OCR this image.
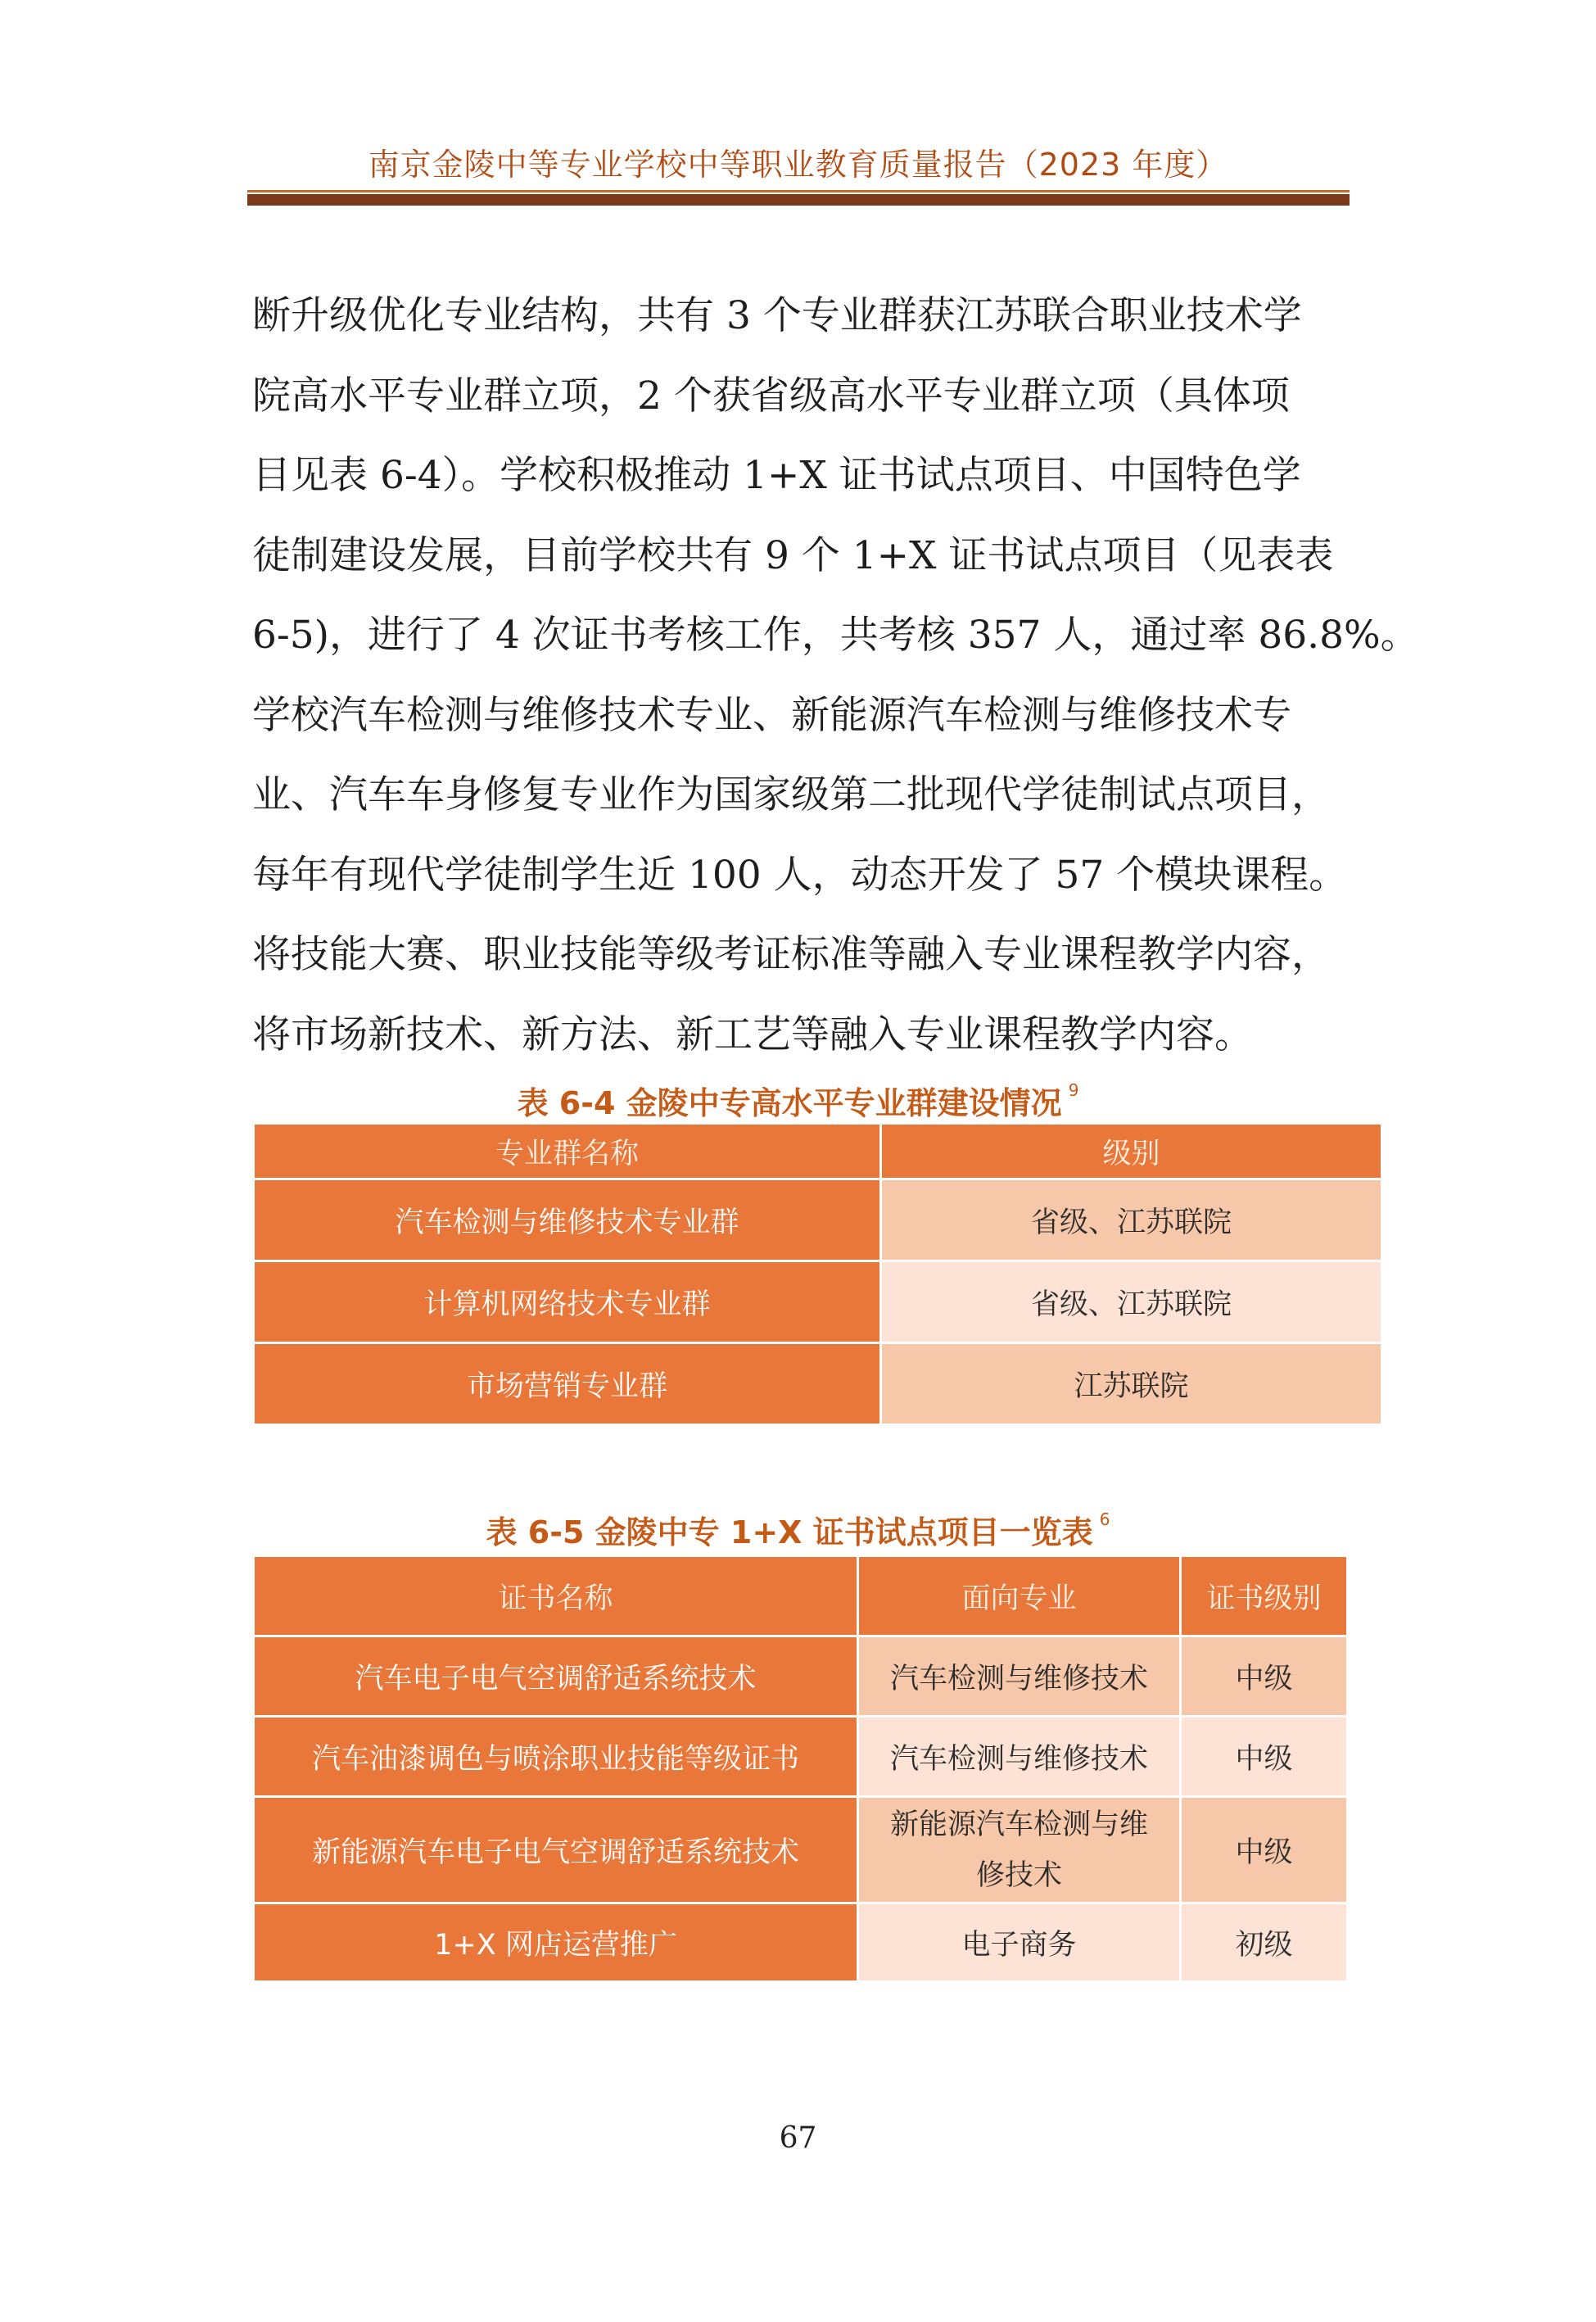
南京金陵中等专业学校中等职业教育质量报告（2023 年度）

断升级优化专业结构，共有 3 个专业群获江苏联合职业技术学

院高水平专业群立项，2 个获省级高水平专业群立项（具体项

目见表 6-4）。学校积极推动 1+X 证书试点项目、中国特色学

徒制建设发展，目前学校共有 9 个 1+X 证书试点项目（见表表

6-5)，进行了 4 次证书考核工作，共考核 357 人，通过率 86.8%。

学校汽车检测与维修技术专业、新能源汽车检测与维修技术专

业、汽车车身修复专业作为国家级第二批现代学徒制试点项目，

每年有现代学徒制学生近 100 人，动态开发了 57 个模块课程。

将技能大赛、职业技能等级考证标准等融入专业课程教学内容，

将市场新技术、新方法、新工艺等融入专业课程教学内容。

表 6-4 金陵中专高水平专业群建设情况 $^9$
专业群名称	级别
汽车检测与维修技术专业群	省级、江苏联院
计算机网络技术专业群	省级、江苏联院
市场营销专业群	江苏联院
表 6-5 金陵中专 1+X 证书试点项目一览表 $^6$
证书名称	面向专业	证书级别
汽车电子电气空调舒适系统技术	汽车检测与维修技术	中级
汽车油漆调色与喷涂职业技能等级证书	汽车检测与维修技术	中级
新能源汽车电子电气空调舒适系统技术	新能源汽车检测与维修技术	中级
1+X 网店运营推广	电子商务	初级
67
